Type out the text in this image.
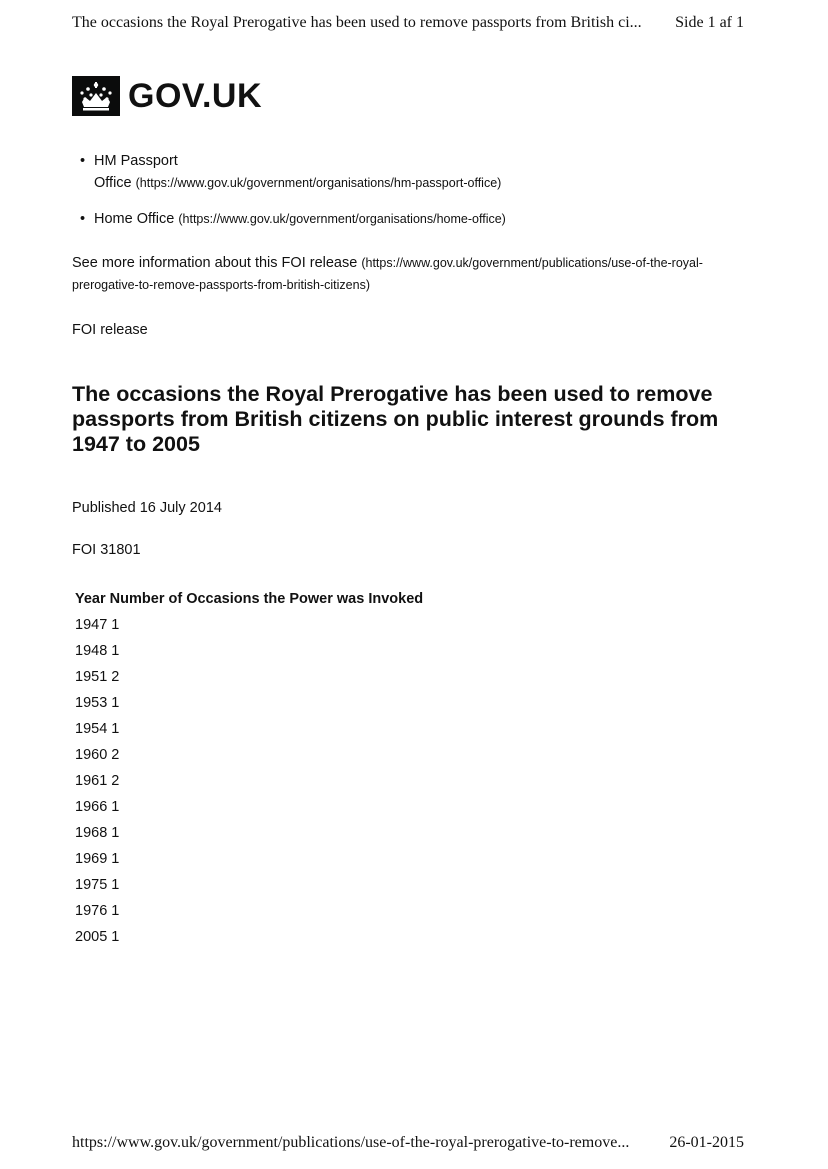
The occasions the Royal Prerogative has been used to remove passports from British ci... Side 1 af 1
GOV.UK
• HM Passport
Office (https://www.gov.uk/government/organisations/hm-passport-office)
• Home Office (https://www.gov.uk/government/organisations/home-office)
See more information about this FOI release (https://www.gov.uk/government/publications/use-of-the-royal-prerogative-to-remove-passports-from-british-citizens)
FOI release
The occasions the Royal Prerogative has been used to remove passports from British citizens on public interest grounds from 1947 to 2005
Published 16 July 2014
FOI 31801
Year Number of Occasions the Power was Invoked
1947 1
1948 1
1951 2
1953 1
1954 1
1960 2
1961 2
1966 1
1968 1
1969 1
1975 1
1976 1
2005 1
https://www.gov.uk/government/publications/use-of-the-royal-prerogative-to-remove...	26-01-2015
